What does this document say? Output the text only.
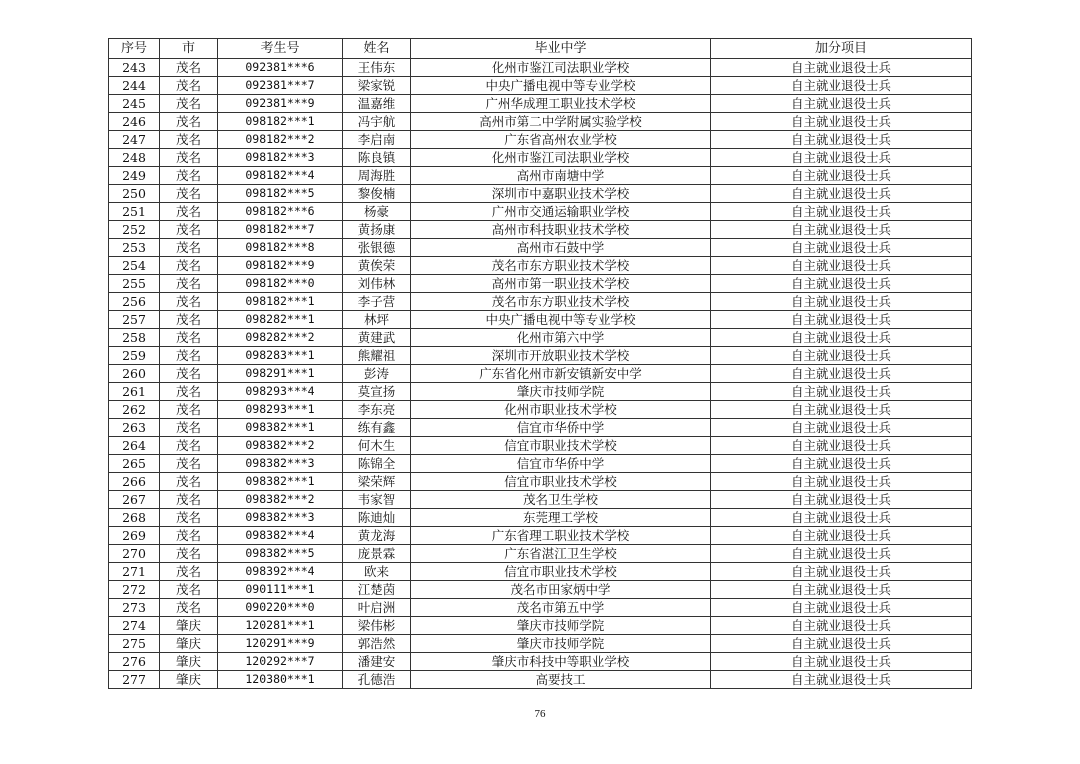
序号	市	考生号	姓名	毕业中学	加分项目
243	茂名	092381***6	王伟东	化州市鉴江司法职业学校	自主就业退役士兵
244	茂名	092381***7	梁家锐	中央广播电视中等专业学校	自主就业退役士兵
245	茂名	092381***9	温嘉维	广州华成理工职业技术学校	自主就业退役士兵
246	茂名	098182***1	冯宇航	高州市第二中学附属实验学校	自主就业退役士兵
247	茂名	098182***2	李启南	广东省高州农业学校	自主就业退役士兵
248	茂名	098182***3	陈良镇	化州市鉴江司法职业学校	自主就业退役士兵
249	茂名	098182***4	周海胜	高州市南塘中学	自主就业退役士兵
250	茂名	098182***5	黎俊楠	深圳市中嘉职业技术学校	自主就业退役士兵
251	茂名	098182***6	杨豪	广州市交通运输职业学校	自主就业退役士兵
252	茂名	098182***7	黄扬康	高州市科技职业技术学校	自主就业退役士兵
253	茂名	098182***8	张银德	高州市石鼓中学	自主就业退役士兵
254	茂名	098182***9	黄俟荣	茂名市东方职业技术学校	自主就业退役士兵
255	茂名	098182***0	刘伟林	高州市第一职业技术学校	自主就业退役士兵
256	茂名	098182***1	李子营	茂名市东方职业技术学校	自主就业退役士兵
257	茂名	098282***1	林坪	中央广播电视中等专业学校	自主就业退役士兵
258	茂名	098282***2	黄建武	化州市第六中学	自主就业退役士兵
259	茂名	098283***1	熊耀祖	深圳市开放职业技术学校	自主就业退役士兵
260	茂名	098291***1	彭涛	广东省化州市新安镇新安中学	自主就业退役士兵
261	茂名	098293***4	莫宣扬	肇庆市技师学院	自主就业退役士兵
262	茂名	098293***1	李东亮	化州市职业技术学校	自主就业退役士兵
263	茂名	098382***1	练有鑫	信宜市华侨中学	自主就业退役士兵
264	茂名	098382***2	何木生	信宜市职业技术学校	自主就业退役士兵
265	茂名	098382***3	陈锦全	信宜市华侨中学	自主就业退役士兵
266	茂名	098382***1	梁荣辉	信宜市职业技术学校	自主就业退役士兵
267	茂名	098382***2	韦家智	茂名卫生学校	自主就业退役士兵
268	茂名	098382***3	陈迪灿	东莞理工学校	自主就业退役士兵
269	茂名	098382***4	黄龙海	广东省理工职业技术学校	自主就业退役士兵
270	茂名	098382***5	庞景霖	广东省湛江卫生学校	自主就业退役士兵
271	茂名	098392***4	欧来	信宜市职业技术学校	自主就业退役士兵
272	茂名	090111***1	江楚茵	茂名市田家炳中学	自主就业退役士兵
273	茂名	090220***0	叶启洲	茂名市第五中学	自主就业退役士兵
274	肇庆	120281***1	梁伟彬	肇庆市技师学院	自主就业退役士兵
275	肇庆	120291***9	郭浩然	肇庆市技师学院	自主就业退役士兵
276	肇庆	120292***7	潘建安	肇庆市科技中等职业学校	自主就业退役士兵
277	肇庆	120380***1	孔德浩	高要技工	自主就业退役士兵
76
